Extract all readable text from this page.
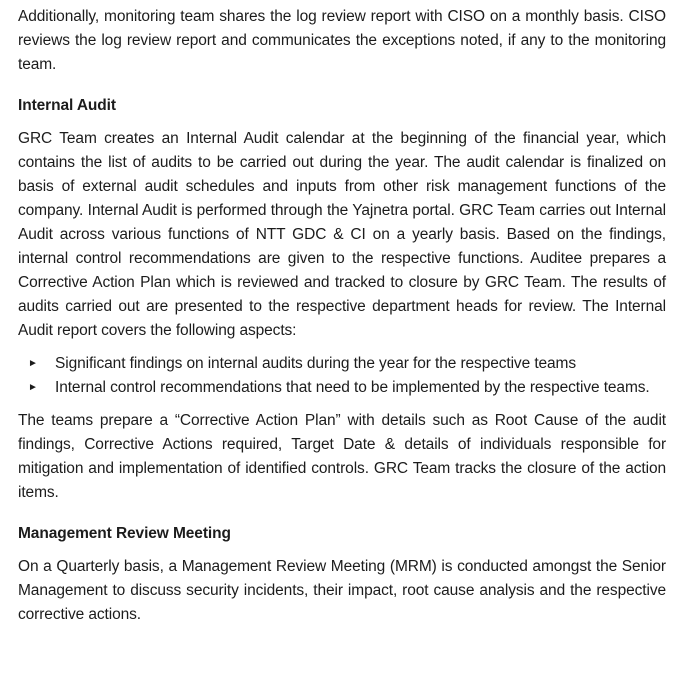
Additionally, monitoring team shares the log review report with CISO on a monthly basis. CISO reviews the log review report and communicates the exceptions noted, if any to the monitoring team.

Internal Audit

GRC Team creates an Internal Audit calendar at the beginning of the financial year, which contains the list of audits to be carried out during the year. The audit calendar is finalized on basis of external audit schedules and inputs from other risk management functions of the company. Internal Audit is performed through the Yajnetra portal. GRC Team carries out Internal Audit across various functions of NTT GDC & CI on a yearly basis. Based on the findings, internal control recommendations are given to the respective functions. Auditee prepares a Corrective Action Plan which is reviewed and tracked to closure by GRC Team. The results of audits carried out are presented to the respective department heads for review. The Internal Audit report covers the following aspects:

► Significant findings on internal audits during the year for the respective teams
► Internal control recommendations that need to be implemented by the respective teams.

The teams prepare a “Corrective Action Plan” with details such as Root Cause of the audit findings, Corrective Actions required, Target Date & details of individuals responsible for mitigation and implementation of identified controls. GRC Team tracks the closure of the action items.

Management Review Meeting

On a Quarterly basis, a Management Review Meeting (MRM) is conducted amongst the Senior Management to discuss security incidents, their impact, root cause analysis and the respective corrective actions.
